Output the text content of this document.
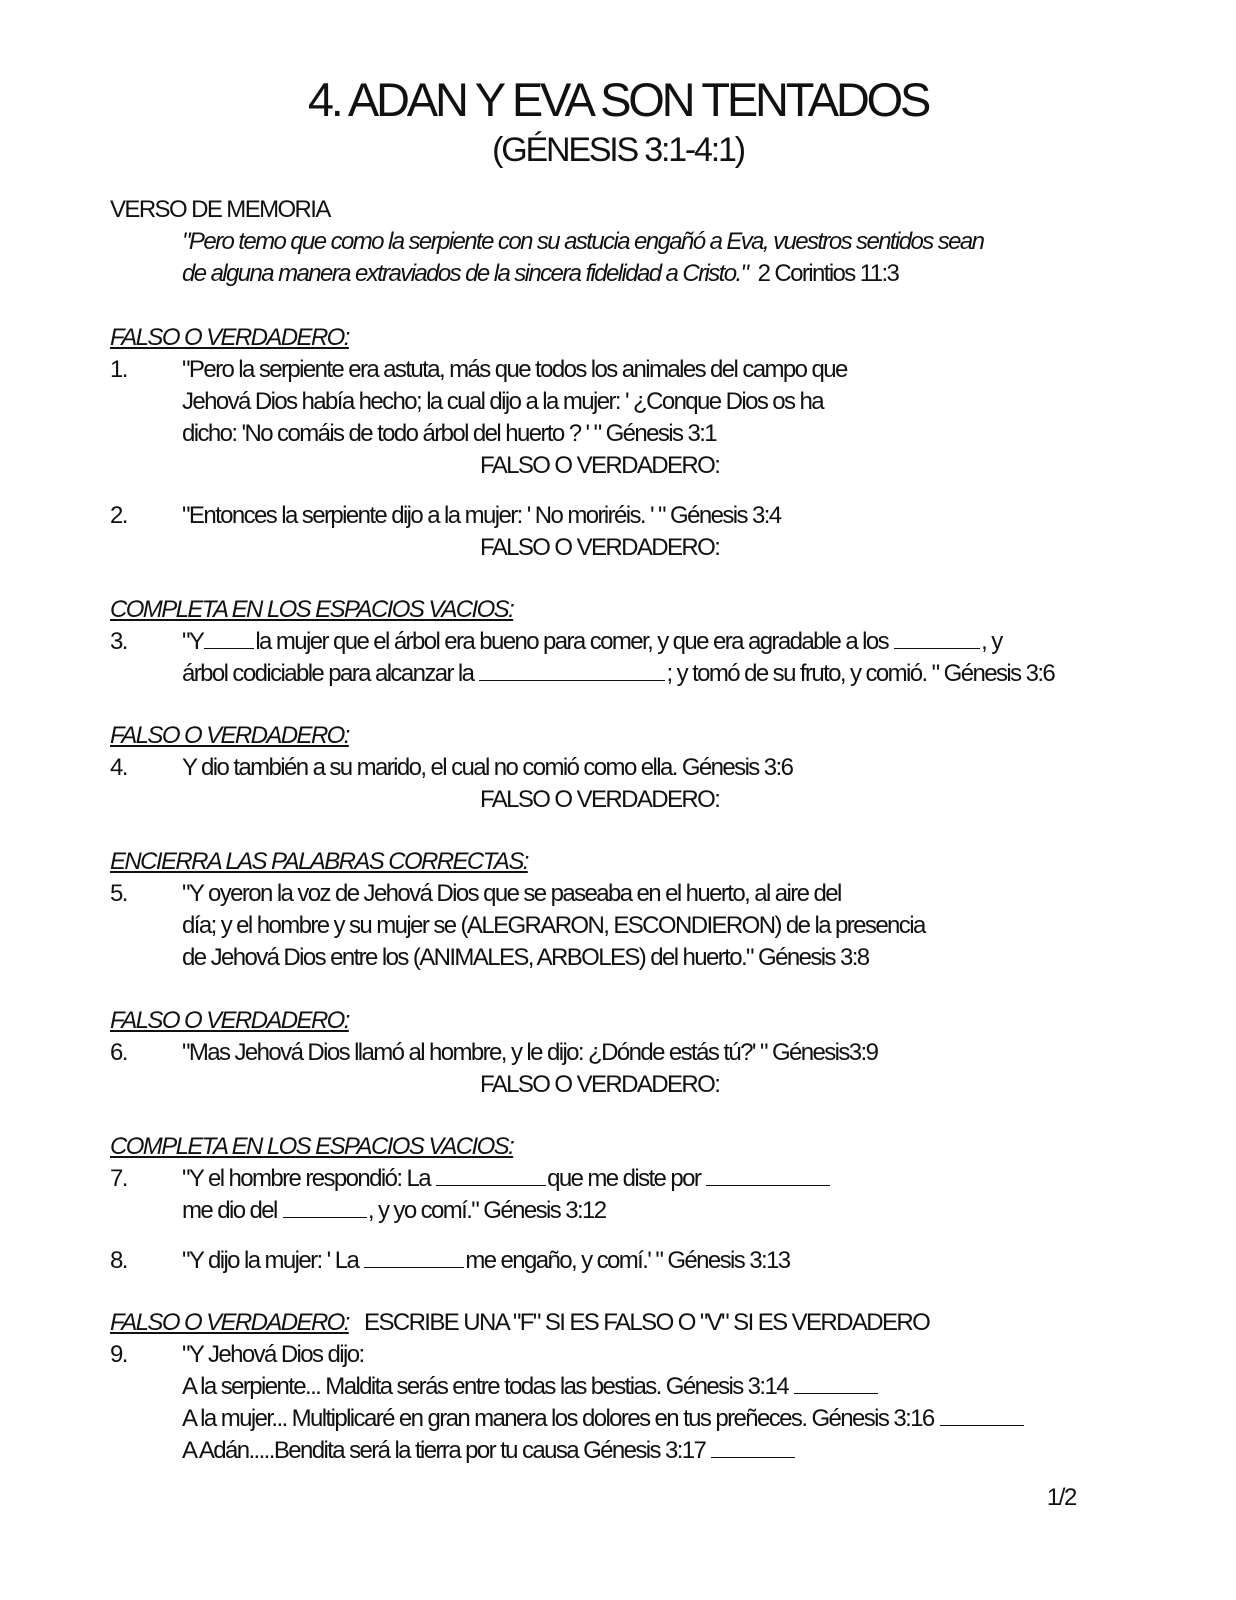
4. ADAN Y EVA SON TENTADOS
(GÉNESIS 3:1-4:1)
VERSO DE MEMORIA
"Pero temo que como la serpiente con su astucia engañó a Eva, vuestros sentidos sean
de alguna manera extraviados de la sincera fidelidad a Cristo." 2 Corintios 11:3
FALSO O VERDADERO:
1. "Pero la serpiente era astuta, más que todos los animales del campo que
Jehová Dios había hecho; la cual dijo a la mujer: ' ¿Conque Dios os ha
dicho: 'No comáis de todo árbol del huerto ? ' " Génesis 3:1
FALSO O VERDADERO:
2. "Entonces la serpiente dijo a la mujer: ' No moriréis. ' " Génesis 3:4
FALSO O VERDADERO:
COMPLETA EN LOS ESPACIOS VACIOS:
3. "Y la mujer que el árbol era bueno para comer, y que era agradable a los	, y
árbol codiciable para alcanzar la	; y tomó de su fruto, y comió. " Génesis 3:6
FALSO O VERDADERO:
4. Y dio también a su marido, el cual no comió como ella. Génesis 3:6
FALSO O VERDADERO:
ENCIERRA LAS PALABRAS CORRECTAS:
5. "Y oyeron la voz de Jehová Dios que se paseaba en el huerto, al aire del
día; y el hombre y su mujer se (ALEGRARON, ESCONDIERON) de la presencia
de Jehová Dios entre los (ANIMALES, ARBOLES) del huerto." Génesis 3:8
FALSO O VERDADERO:
6. "Mas Jehová Dios llamó al hombre, y le dijo: ¿Dónde estás tú?' " Génesis3:9
FALSO O VERDADERO:
COMPLETA EN LOS ESPACIOS VACIOS:
7. "Y el hombre respondió: La	que me diste por
me dio del	, y yo comí." Génesis 3:12
8. "Y dijo la mujer: ' La	me engaño, y comí.' " Génesis 3:13
FALSO O VERDADERO: ESCRIBE UNA "F" SI ES FALSO O "V" SI ES VERDADERO
9. "Y Jehová Dios dijo:
A la serpiente... Maldita serás entre todas las bestias. Génesis 3:14
A la mujer... Multiplicaré en gran manera los dolores en tus preñeces. Génesis 3:16
A Adán.....Bendita será la tierra por tu causa Génesis 3:17
1/2
